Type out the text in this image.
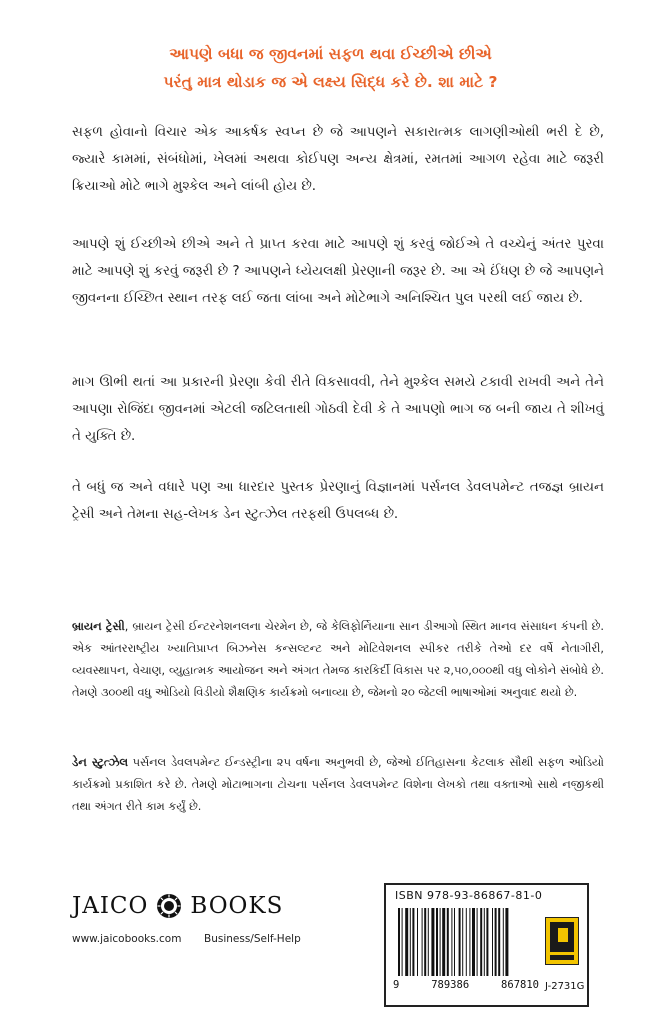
આપણે બધા જ જીવનમાં સફળ થવા ઈચ્છીએ છીએ
પરંતુ માત્ર થોડાક જ એ લક્ષ્ય સિદ્ધ કરે છે. શા માટે ?

સફળ હોવાનો વિચાર એક આકર્ષક સ્વપ્ન છે જે આપણને સકારાત્મક લાગણીઓથી ભરી દે છે, જ્યારે કામમાં, સંબંધોમાં, ખેલમાં અથવા કોઈપણ અન્ય ક્ષેત્રમાં, રમતમાં આગળ રહેવા માટે જરૂરી ક્રિયાઓ મોટે ભાગે મુશ્કેલ અને લાંબી હોય છે.

આપણે શું ઈચ્છીએ છીએ અને તે પ્રાપ્ત કરવા માટે આપણે શું કરવું જોઈએ તે વચ્ચેનું અંતર પુરવા માટે આપણે શું કરવું જરૂરી છે ? આપણને ધ્યેયલક્ષી પ્રેરણાની જરૂર છે. આ એ ઈંધણ છે જે આપણને જીવનના ઈચ્છિત સ્થાન તરફ લઈ જતા લાંબા અને મોટેભાગે અનિશ્ચિત પુલ પરથી લઈ જાય છે.

માગ ઊભી થતાં આ પ્રકારની પ્રેરણા કેવી રીતે વિકસાવવી, તેને મુશ્કેલ સમયે ટકાવી રાખવી અને તેને આપણા રોજિંદા જીવનમાં એટલી જટિલતાથી ગોઠવી દેવી કે તે આપણો ભાગ જ બની જાય તે શીખવું તે યુક્તિ છે.

તે બધું જ અને વધારે પણ આ ધારદાર પુસ્તક પ્રેરણાનું વિજ્ઞાનમાં પર્સનલ ડેવલપમેન્ટ તજજ્ઞ બ્રાયન ટ્રેસી અને તેમના સહ-લેખક ડેન સ્ટુત્ઝેલ તરફથી ઉપલબ્ધ છે.

બ્રાયન ટ્રેસી, બ્રાયન ટ્રેસી ઈન્ટરનેશનલના ચેરમેન છે, જે કેલિફોર્નિયાના સાન ડીઆગો સ્થિત માનવ સંસાધન કંપની છે. એક આંતરરાષ્ટ્રીય ખ્યાતિપ્રાપ્ત બિઝનેસ કન્સલ્ટન્ટ અને મોટિવેશનલ સ્પીકર તરીકે તેઓ દર વર્ષે નેતાગીરી, વ્યવસ્થાપન, વેચાણ, વ્યુહાત્મક આયોજન અને અંગત તેમજ કારકિર્દી વિકાસ પર ૨,૫૦,૦૦૦થી વધુ લોકોને સંબોધે છે. તેમણે ૩૦૦થી વધુ ઓડિયો વિડીયો શૈક્ષણિક કાર્યક્રમો બનાવ્યા છે, જેમનો ૨૦ જેટલી ભાષાઓમાં અનુવાદ થયો છે.

ડેન સ્ટુત્ઝેલ પર્સનલ ડેવલપમેન્ટ ઈન્ડસ્ટ્રીના ૨૫ વર્ષના અનુભવી છે, જેઓ ઈતિહાસના કેટલાક સૌથી સફળ ઓડિયો કાર્યક્રમો પ્રકાશિત કરે છે. તેમણે મોટાભાગના ટોચના પર્સનલ ડેવલપમેન્ટ વિશેના લેખકો તથા વક્તાઓ સાથે નજીકથી તથા અંગત રીતે કામ કર્યું છે.

JAICO BOOKS
www.jaicobooks.com Business/Self-Help
ISBN 978-93-86867-81-0
9	789386	867810 J-2731G
